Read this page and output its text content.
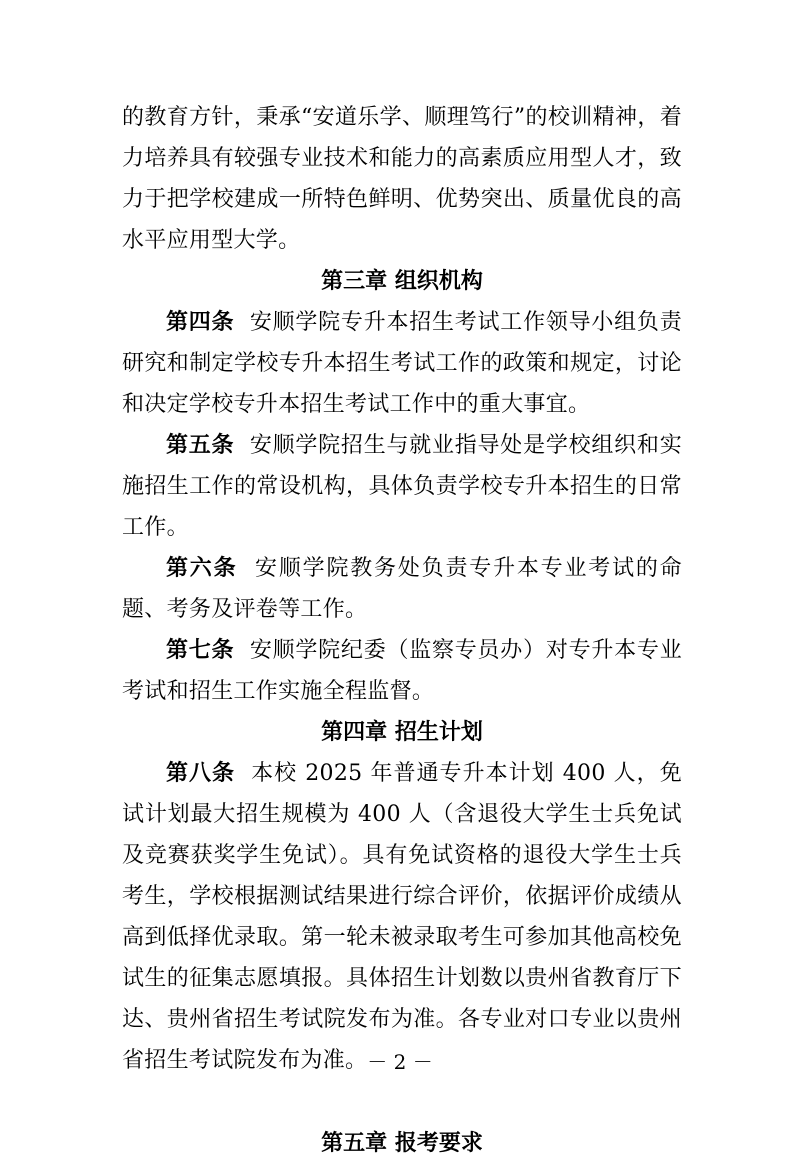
的教育方针，秉承“安道乐学、顺理笃行”的校训精神，着力培养具有较强专业技术和能力的高素质应用型人才，致力于把学校建成一所特色鲜明、优势突出、质量优良的高水平应用型大学。

第三章 组织机构

第四条 安顺学院专升本招生考试工作领导小组负责研究和制定学校专升本招生考试工作的政策和规定，讨论和决定学校专升本招生考试工作中的重大事宜。

第五条 安顺学院招生与就业指导处是学校组织和实施招生工作的常设机构，具体负责学校专升本招生的日常工作。

第六条 安顺学院教务处负责专升本专业考试的命题、考务及评卷等工作。

第七条 安顺学院纪委（监察专员办）对专升本专业考试和招生工作实施全程监督。

第四章 招生计划

第八条 本校 2025 年普通专升本计划 400 人，免试计划最大招生规模为 400 人（含退役大学生士兵免试及竞赛获奖学生免试）。具有免试资格的退役大学生士兵考生，学校根据测试结果进行综合评价，依据评价成绩从高到低择优录取。第一轮未被录取考生可参加其他高校免试生的征集志愿填报。具体招生计划数以贵州省教育厅下达、贵州省招生考试院发布为准。各专业对口专业以贵州省招生考试院发布为准。

第五章 报考要求
－ 2 －
